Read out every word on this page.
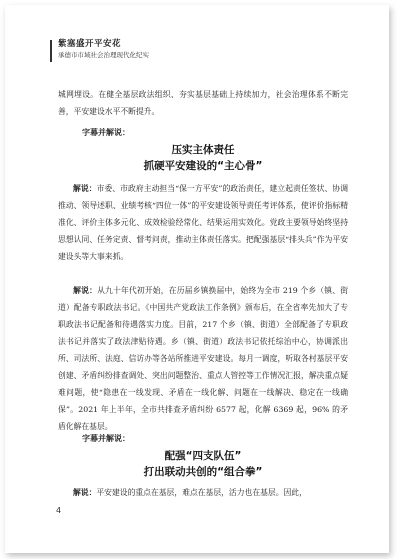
紫塞盛开平安花
承德市市域社会治理现代化纪实
城网埋设。在健全基层政法组织、夯实基层基础上持续加力，社会治理体系不断完善，平安建设水平不断提升。
字幕并解说：
压实主体责任
抓硬平安建设的“主心骨”
解说：市委、市政府主动担当“保一方平安”的政治责任，建立起责任签状、协调推动、领导述职、业绩考核“四位一体”的平安建设领导责任考评体系，使评价指标精准化、评价主体多元化、成效检验经常化、结果运用实效化。党政主要领导始终坚持思想认同、任务定责、督考问责，推动主体责任落实。把配强基层“排头兵”作为平安建设头等大事来抓。
解说：从九十年代初开始，在历届乡镇换届中，始终为全市 219 个乡（镇、街道）配备专职政法书记。《中国共产党政法工作条例》颁布后，在全省率先加大了专职政法书记配备和待遇落实力度。目前，217 个乡（镇、街道）全部配备了专职政法书记并落实了政法津贴待遇。乡（镇、街道）政法书记依托综治中心，协调派出所、司法所、法庭、信访办等各站所推进平安建设。每月一调度，听取各村基层平安创建、矛盾纠纷排查调处、突出问题整治、重点人管控等工作情况汇报，解决重点疑难问题，使“隐患在一线发现、矛盾在一线化解、问题在一线解决、稳定在一线确保”。2021 年上半年，全市共排查矛盾纠纷 6577 起，化解 6369 起，96% 的矛盾化解在基层。
字幕并解说：
配强“四支队伍”
打出联动共创的“组合拳”
解说：平安建设的重点在基层，难点在基层，活力也在基层。因此，
4
